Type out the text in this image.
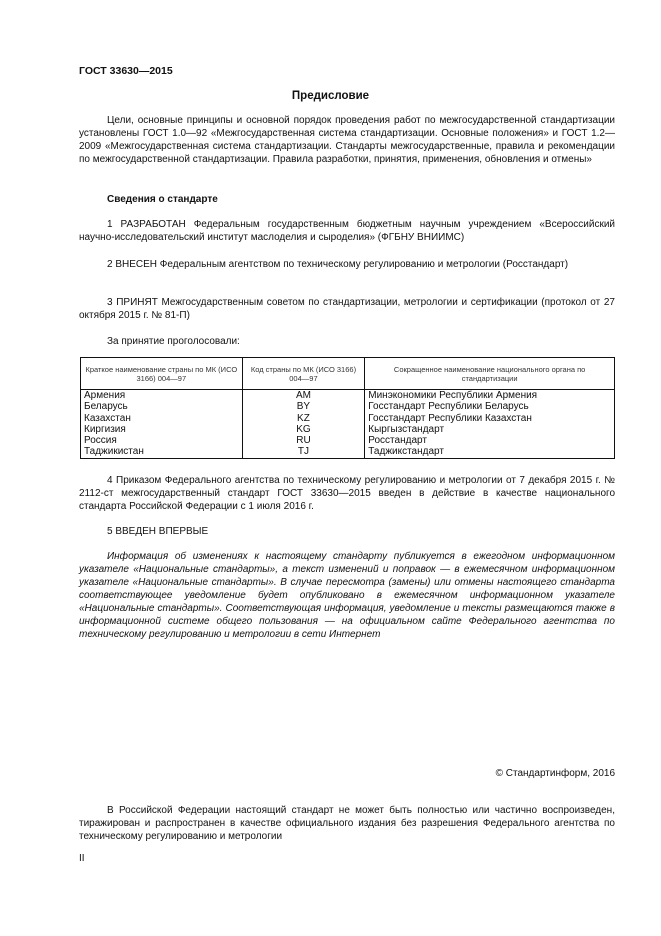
ГОСТ 33630—2015
Предисловие
Цели, основные принципы и основной порядок проведения работ по межгосударственной стандартизации установлены ГОСТ 1.0—92 «Межгосударственная система стандартизации. Основные положения» и ГОСТ 1.2—2009 «Межгосударственная система стандартизации. Стандарты межгосударственные, правила и рекомендации по межгосударственной стандартизации. Правила разработки, принятия, применения, обновления и отмены»
Сведения о стандарте
1 РАЗРАБОТАН Федеральным государственным бюджетным научным учреждением «Всероссийский научно-исследовательский институт маслоделия и сыроделия» (ФГБНУ ВНИИМС)
2 ВНЕСЕН Федеральным агентством по техническому регулированию и метрологии (Росстандарт)
3 ПРИНЯТ Межгосударственным советом по стандартизации, метрологии и сертификации (протокол от 27 октября 2015 г. № 81-П)
За принятие проголосовали:
Краткое наименование страны по МК (ИСО 3166) 004—97	Код страны по МК (ИСО 3166) 004—97	Сокращенное наименование национального органа по стандартизации
Армения	AM	Минэкономики Республики Армения
Беларусь	BY	Госстандарт Республики Беларусь
Казахстан	KZ	Госстандарт Республики Казахстан
Киргизия	KG	Кыргызстандарт
Россия	RU	Росстандарт
Таджикистан	TJ	Таджикстандарт
4 Приказом Федерального агентства по техническому регулированию и метрологии от 7 декабря 2015 г. № 2112-ст межгосударственный стандарт ГОСТ 33630—2015 введен в действие в качестве национального стандарта Российской Федерации с 1 июля 2016 г.
5 ВВЕДЕН ВПЕРВЫЕ
Информация об изменениях к настоящему стандарту публикуется в ежегодном информационном указателе «Национальные стандарты», а текст изменений и поправок — в ежемесячном информационном указателе «Национальные стандарты». В случае пересмотра (замены) или отмены настоящего стандарта соответствующее уведомление будет опубликовано в ежемесячном информационном указателе «Национальные стандарты». Соответствующая информация, уведомление и тексты размещаются также в информационной системе общего пользования — на официальном сайте Федерального агентства по техническому регулированию и метрологии в сети Интернет
© Стандартинформ, 2016
В Российской Федерации настоящий стандарт не может быть полностью или частично воспроизведен, тиражирован и распространен в качестве официального издания без разрешения Федерального агентства по техническому регулированию и метрологии
II
